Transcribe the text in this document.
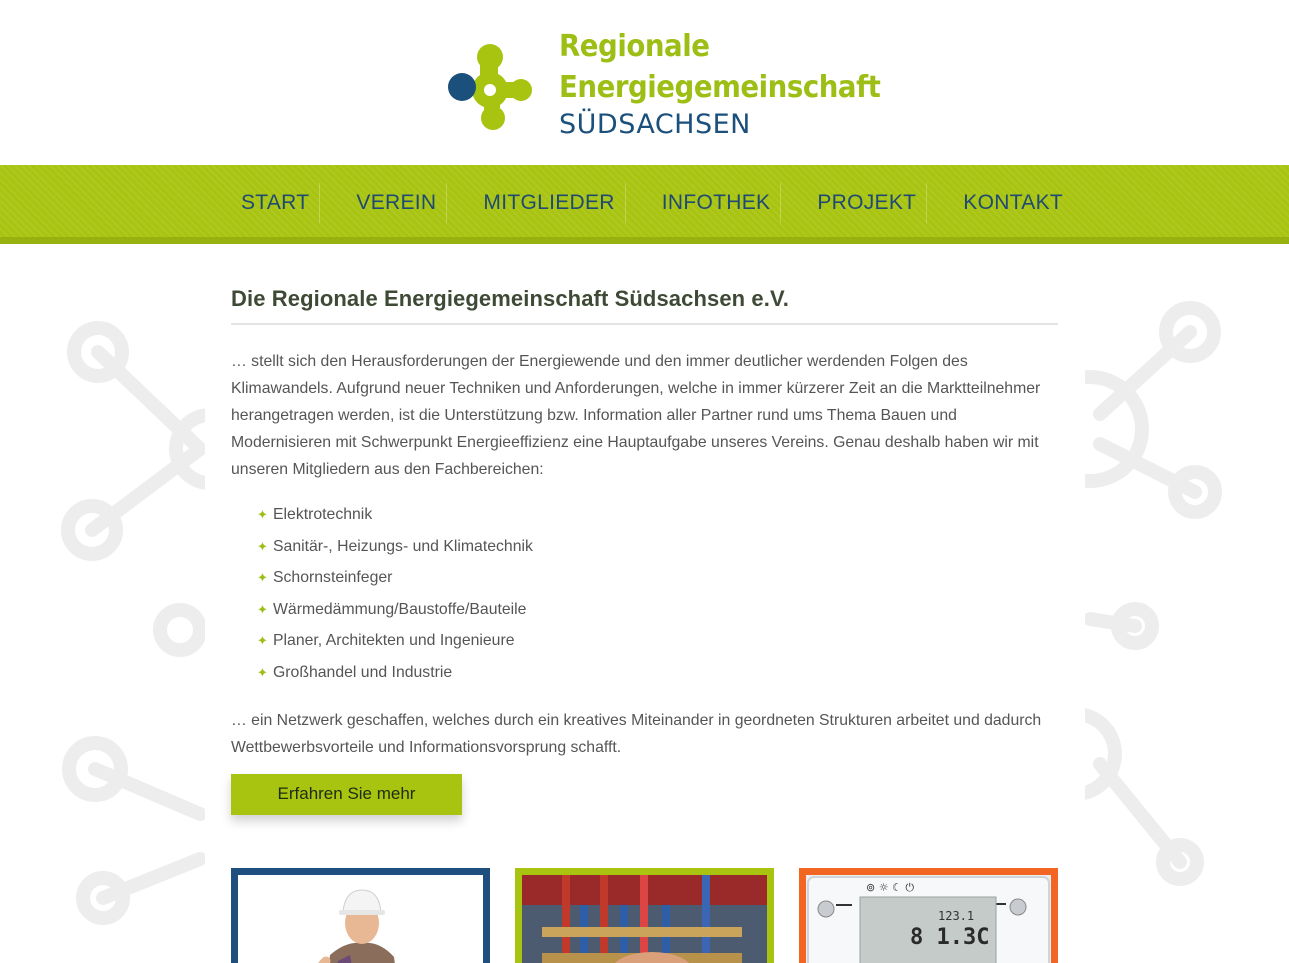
Regionale
Energiegemeinschaft
SÜDSACHSEN
START VEREIN MITGLIEDER INFOTHEK PROJEKT KONTAKT
Die Regionale Energiegemeinschaft Südsachsen e.V.

… stellt sich den Herausforderungen der Energiewende und den immer deutlicher werdenden Folgen des Klimawandels. Aufgrund neuer Techniken und Anforderungen, welche in immer kürzerer Zeit an die Marktteilnehmer herangetragen werden, ist die Unterstützung bzw. Information aller Partner rund ums Thema Bauen und Modernisieren mit Schwerpunkt Energieeffizienz eine Hauptaufgabe unseres Vereins. Genau deshalb haben wir mit unseren Mitgliedern aus den Fachbereichen:

✦ Elektrotechnik
✦ Sanitär-, Heizungs- und Klimatechnik
✦ Schornsteinfeger
✦ Wärmedämmung/Baustoffe/Bauteile
✦ Planer, Architekten und Ingenieure
✦ Großhandel und Industrie

… ein Netzwerk geschaffen, welches durch ein kreatives Miteinander in geordneten Strukturen arbeitet und dadurch Wettbewerbsvorteile und Informationsvorsprung schafft.

Erfahren Sie mehr
⊚ ☼ ☾ ⏻
123.1
8 1.3C
